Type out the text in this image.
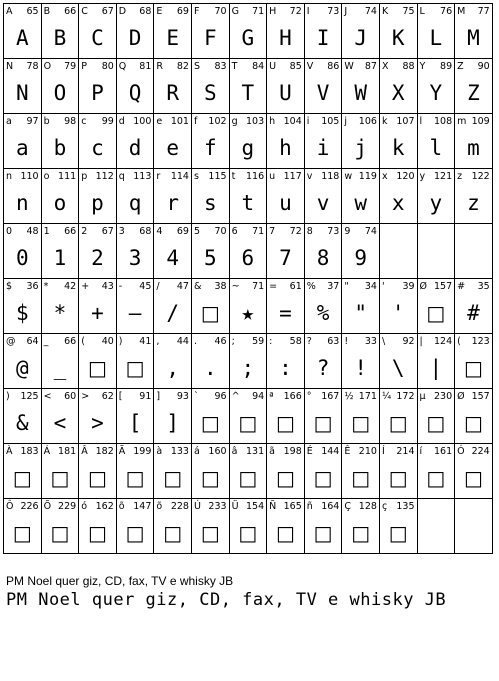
A 65
A
B 66
B
C 67
C
D 68
D
E 69
E
F 70
F
G 71
G
H 72
H
I 73
I
J 74
J
K 75
K
L 76
L
M 77
M
N 78
N
O 79
O
P 80
P
Q 81
Q
R 82
R
S 83
S
T 84
T
U 85
U
V 86
V
W 87
W
X 88
X
Y 89
Y
Z 90
Z
a 97
a
b 98
b
c 99
c
d 100
d
e 101
e
f 102
f
g 103
g
h 104
h
i 105
i
j 106
j
k 107
k
l 108
l
m 109
m
n 110
n
o 111
o
p 112
p
q 113
q
r 114
r
s 115
s
t 116
t
u 117
u
v 118
v
w 119
w
x 120
x
y 121
y
z 122
z
0 48
0
1 66
1
2 67
2
3 68
3
4 69
4
5 70
5
6 71
6
7 72
7
8 73
8
9 74
9
$ 36
$
* 42
*
+ 43
+
- 45
–
/ 47
/
& 38
□
~ 71
★
= 61
=
% 37
%
" 34
"
' 39
'
Ø 157
□
# 35
#
@ 64
@
_ 66
_
( 40
□
) 41
□
, 44
,
. 46
.
; 59
;
: 58
:
? 63
?
! 33
!
\ 92
\
| 124
|
( 123
□
) 125
&
< 60
<
> 62
>
[ 91
[
] 93
]
` 96
□
^ 94
□
ª 166
□
° 167
□
½ 171
□
¼ 172
□
µ 230
□
Ø 157
□
À 183
□
Á 181
□
Â 182
□
Ã 199
□
à 133
□
á 160
□
â 131
□
ã 198
□
É 144
□
Ê 210
□
Í 214
□
í 161
□
Ó 224
□
Ô 226
□
Õ 229
□
ó 162
□
õ 147
□
õ 228
□
Ú 233
□
Ü 154
□
Ñ 165
□
ñ 164
□
Ç 128
□
ç 135
□
PM Noel quer giz, CD, fax, TV e whisky JB
PM Noel quer giz, CD, fax, TV e whisky JB
